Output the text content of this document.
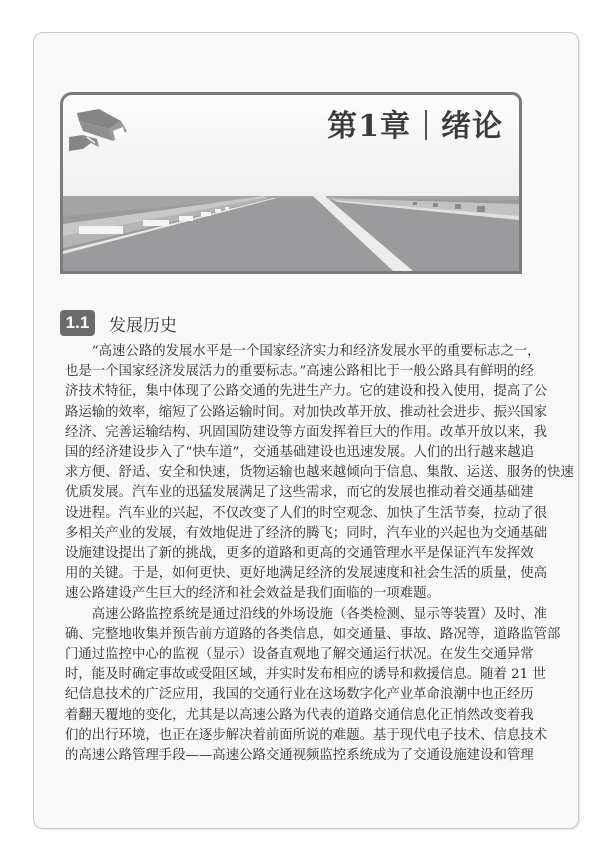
第1章 绪论
1.1	发展历史

“高速公路的发展水平是一个国家经济实力和经济发展水平的重要标志之一，
也是一个国家经济发展活力的重要标志。”高速公路相比于一般公路具有鲜明的经
济技术特征，集中体现了公路交通的先进生产力。它的建设和投入使用，提高了公
路运输的效率，缩短了公路运输时间。对加快改革开放、推动社会进步、振兴国家
经济、完善运输结构、巩固国防建设等方面发挥着巨大的作用。改革开放以来，我
国的经济建设步入了“快车道”，交通基础建设也迅速发展。人们的出行越来越追
求方便、舒适、安全和快速，货物运输也越来越倾向于信息、集散、运送、服务的快速
优质发展。汽车业的迅猛发展满足了这些需求，而它的发展也推动着交通基础建
设进程。汽车业的兴起，不仅改变了人们的时空观念、加快了生活节奏，拉动了很
多相关产业的发展，有效地促进了经济的腾飞；同时，汽车业的兴起也为交通基础
设施建设提出了新的挑战，更多的道路和更高的交通管理水平是保证汽车发挥效
用的关键。于是，如何更快、更好地满足经济的发展速度和社会生活的质量，使高
速公路建设产生巨大的经济和社会效益是我们面临的一项难题。

高速公路监控系统是通过沿线的外场设施（各类检测、显示等装置）及时、准
确、完整地收集并预告前方道路的各类信息，如交通量、事故、路况等，道路监管部
门通过监控中心的监视（显示）设备直观地了解交通运行状况。在发生交通异常
时，能及时确定事故或受阻区域，并实时发布相应的诱导和救援信息。随着 21 世
纪信息技术的广泛应用，我国的交通行业在这场数字化产业革命浪潮中也正经历
着翻天覆地的变化，尤其是以高速公路为代表的道路交通信息化正悄然改变着我
们的出行环境，也正在逐步解决着前面所说的难题。基于现代电子技术、信息技术
的高速公路管理手段——高速公路交通视频监控系统成为了交通设施建设和管理
